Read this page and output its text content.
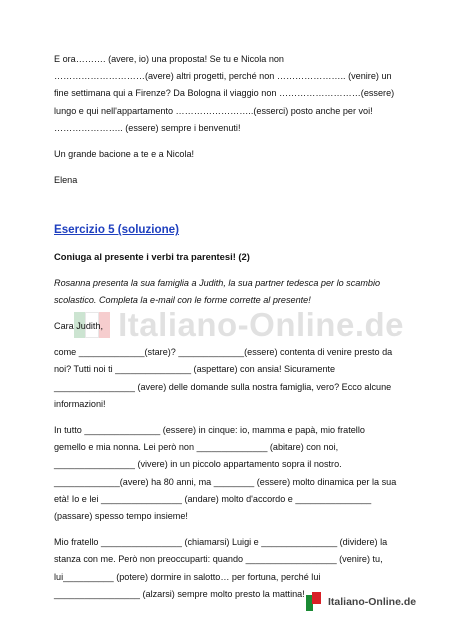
Italiano-Online.de

E ora………. (avere, io) una proposta! Se tu e Nicola non

…………………………(avere) altri progetti, perché non ………………….. (venire) un

fine settimana qui a Firenze? Da Bologna il viaggio non ………………………(essere)

lungo e qui nell'appartamento ……………………..(esserci) posto anche per voi!

………………….. (essere) sempre i benvenuti!

Un grande bacione a te e a Nicola!

Elena

Esercizio 5 (soluzione)

Coniuga al presente i verbi tra parentesi! (2)

Rosanna presenta la sua famiglia a Judith, la sua partner tedesca per lo scambio

scolastico. Completa la e-mail con le forme corrette al presente!

Cara Judith,

come _____________(stare)? _____________(essere) contenta di venire presto da

noi? Tutti noi ti _______________ (aspettare) con ansia! Sicuramente

________________ (avere) delle domande sulla nostra famiglia, vero? Ecco alcune

informazioni!

In tutto _______________ (essere) in cinque: io, mamma e papà, mio fratello

gemello e mia nonna. Lei però non ______________ (abitare) con noi,

________________ (vivere) in un piccolo appartamento sopra il nostro.

_____________(avere) ha 80 anni, ma ________ (essere) molto dinamica per la sua

età! Io e lei ________________ (andare) molto d'accordo e _______________

(passare) spesso tempo insieme!

Mio fratello ________________ (chiamarsi) Luigi e _______________ (dividere) la

stanza con me. Però non preoccuparti: quando __________________ (venire) tu,

lui__________ (potere) dormire in salotto… per fortuna, perché lui

_________________ (alzarsi) sempre molto presto la mattina!

Italiano-Online.de
